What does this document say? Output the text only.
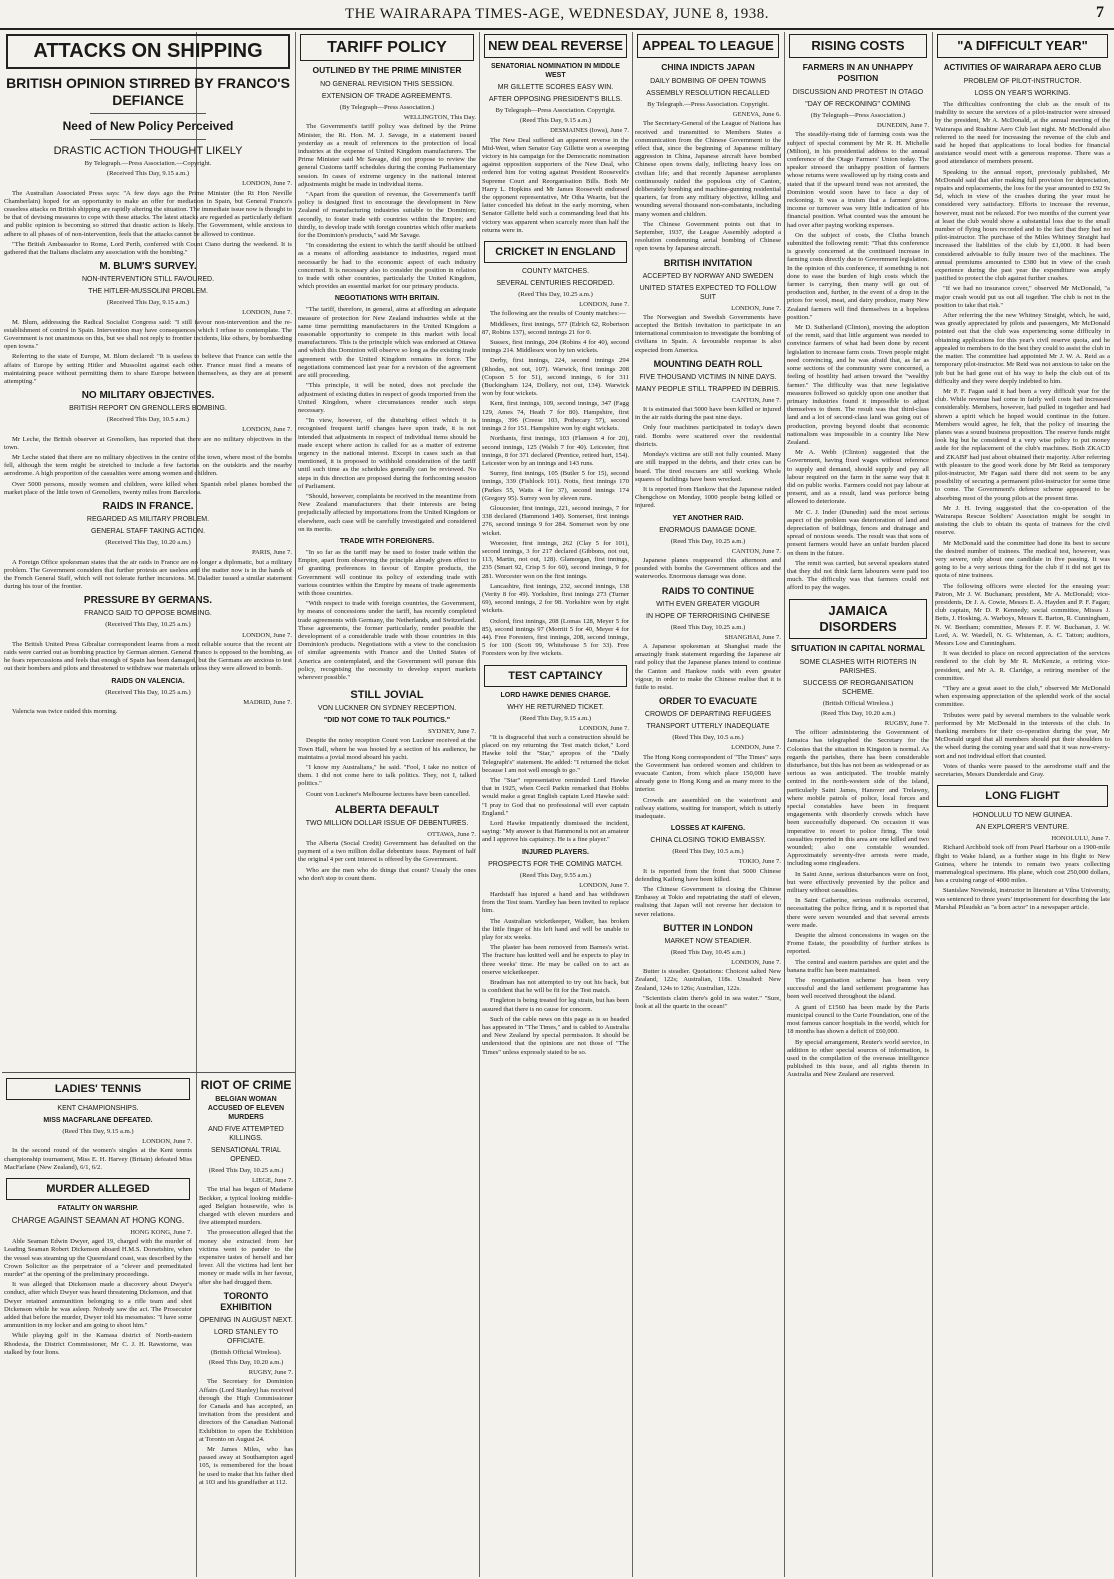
THE WAIRARAPA TIMES-AGE, WEDNESDAY, JUNE 8, 1938.	7
ATTACKS ON SHIPPING
BRITISH OPINION STIRRED BY FRANCO'S DEFIANCE
Need of New Policy Perceived
DRASTIC ACTION THOUGHT LIKELY
By Telegraph.—Press Association.—Copyright.
(Received This Day, 9.15 a.m.)
LONDON, June 7.

The Australian Associated Press says: "A few days ago the Prime Minister (the Rt Hon Neville Chamberlain) hoped for an opportunity to make an offer for mediation in Spain, but General Franco's ceaseless attacks on British shipping are rapidly altering the situation. The immediate issue now is thought to be that of devising measures to cope with these attacks. The latest attacks are regarded as particularly defiant and public opinion is becoming so stirred that drastic action is likely. The Government, while anxious to adhere to all phases of of non-intervention, feels that the attacks cannot be allowed to continue.

"The British Ambassador to Rome, Lord Perth, conferred with Count Ciano during the weekend. It is gathered that the Italians disclaim any association with the bombing."

M. BLUM'S SURVEY.
NON-INTERVENTION STILL FAVOURED.
THE HITLER-MUSSOLINI PROBLEM.
(Received This Day, 9.15 a.m.)
LONDON, June 7.

M. Blum, addressing the Radical Socialist Congress said: "I still favour non-intervention and the re-establishment of control in Spain. Intervention may have consequences which I refuse to contemplate. The Government is not unanimous on this, but we shall not reply to frontier incidents, like others, by bombarding open towns."

Referring to the state of Europe, M. Blum declared: "It is useless to believe that France can settle the affairs of Europe by setting Hitler and Mussolini against each other. France must find a means of maintaining peace without permitting them to share Europe between themselves, as they are at present attempting."

NO MILITARY OBJECTIVES.
BRITISH REPORT ON GRENOLLERS BOMBING.
(Received This Day, 10.5 a.m.)
LONDON, June 7.

Mr Leche, the British observer at Grenollers, has reported that there are no military objectives in the town.

Mr Leche stated that there are no military objectives in the centre of the town, where most of the bombs fell, although the term might be stretched to include a few factories on the outskirts and the nearby aerodrome. A high proportion of the casualties were among women and children.

Over 5000 persons, mostly women and children, were killed when Spanish rebel planes bombed the market place of the little town of Grenollers, twenty miles from Barcelona.

RAIDS IN FRANCE.
REGARDED AS MILITARY PROBLEM.
GENERAL STAFF TAKING ACTION.
(Received This Day, 10.20 a.m.)
PARIS, June 7.

A Foreign Office spokesman states that the air raids in France are no longer a diplomatic, but a military problem. The Government considers that further protests are useless and the matter now is in the hands of the French General Staff, which will not tolerate further incursions. M. Daladier issued a similar statement during his tour of the frontier.

PRESSURE BY GERMANS.
FRANCO SAID TO OPPOSE BOMBING.
(Received This Day, 10.25 a.m.)
LONDON, June 7.

The British United Press Gibraltar correspondent learns from a most reliable source that the recent air raids were carried out as bombing practice by German airmen. General Franco is opposed to the bombing, as he fears repercussions and feels that enough of Spain has been damaged, but the Germans are anxious to test out their bombers and pilots and threatened to withdraw war materials unless they were allowed to bomb.

RAIDS ON VALENCIA.
(Received This Day, 10.25 a.m.)
MADRID, June 7.

Valencia was twice raided this morning.

LADIES' TENNIS
KENT CHAMPIONSHIPS.
MISS MACFARLANE DEFEATED.
(Reed This Day, 9.15 a.m.)
LONDON, June 7.

In the second round of the women's singles at the Kent tennis championship tournament, Miss E. H. Harvey (Britain) defeated Miss MacFarlane (New Zealand), 6/1, 6/2.

MURDER ALLEGED
FATALITY ON WARSHIP.
CHARGE AGAINST SEAMAN AT HONG KONG.
HONG KONG, June 7.

Able Seaman Edwin Dwyer, aged 19, charged with the murder of Leading Seaman Robert Dickenson aboard H.M.S. Dorsetshire, when the vessel was steaming up the Queensland coast, was described by the Crown Solicitor as the perpetrator of a "clever and premeditated murder" at the opening of the preliminary proceedings.

It was alleged that Dickenson made a discovery about Dwyer's conduct, after which Dwyer was heard threatening Dickenson, and that Dwyer retained ammunition belonging to a rifle team and shot Dickenson while he was asleep. Nobody saw the act. The Prosecutor added that before the murder, Dwyer told his messmates: "I have some ammunition in my locker and am going to shoot him."

While playing golf in the Kamasa district of North-eastern Rhodesia, the District Commissioner, Mr C. J. H. Rawstorne, was stalked by four lions.

RIOT OF CRIME
BELGIAN WOMAN ACCUSED OF ELEVEN MURDERS
AND FIVE ATTEMPTED KILLINGS.
SENSATIONAL TRIAL OPENED.
(Reed This Day, 10.25 a.m.)
LIEGE, June 7.

The trial has begun of Madame Beckker, a typical looking middle-aged Belgian housewife, who is charged with eleven murders and five attempted murders.

The prosecution alleged that the money she extracted from her victims went to pander to the expensive tastes of herself and her lover. All the victims had lent her money or made wills in her favour, after she had drugged them.

TORONTO EXHIBITION
OPENING IN AUGUST NEXT.
LORD STANLEY TO OFFICIATE.
(British Official Wireless).
(Reed This Day, 10.20 a.m.)
RUGBY, June 7.

The Secretary for Dominion Affairs (Lord Stanley) has received through the High Commissioner for Canada and has accepted, an invitation from the president and directors of the Canadian National Exhibition to open the Exhibition at Toronto on August 24.

Mr James Miles, who has passed away at Southampton aged 105, is remembered for the boast he used to make that his father died at 103 and his grandfather at 112.

TARIFF POLICY
OUTLINED BY THE PRIME MINISTER
NO GENERAL REVISION THIS SESSION.
EXTENSION OF TRADE AGREEMENTS.
(By Telegraph—Press Association.)
WELLINGTON, This Day.

The Government's tariff policy was defined by the Prime Minister, the Rt. Hon. M. J. Savage, in a statement issued yesterday as a result of references to the protection of local industries at the expense of United Kingdom manufacturers. The Prime Minister said Mr Savage, did not propose to review the general Customs tariff schedules during the coming Parliamentary session. In cases of extreme urgency in the national interest adjustments might be made in individual items.

"Apart from the question of revenue, the Government's tariff policy is designed first to encourage the development in New Zealand of manufacturing industries suitable to the Dominion; secondly, to foster trade with countries within the Empire; and thirdly, to develop trade with foreign countries which offer markets for the Dominion's products," said Mr Savage.

"In considering the extent to which the tariff should be utilised as a means of affording assistance to industries, regard must necessarily be had to the economic aspect of each industry concerned. It is necessary also to consider the position in relation to trade with other countries, particularly the United Kingdom, which provides an essential market for our primary products.

NEGOTIATIONS WITH BRITAIN.

"The tariff, therefore, in general, aims at affording an adequate measure of protection for New Zealand industries while at the same time permitting manufacturers in the United Kingdom a reasonable opportunity to compete in this market with local manufacturers. This is the principle which was endorsed at Ottawa and which this Dominion will observe so long as the existing trade agreement with the United Kingdom remains in force. The negotiations commenced last year for a revision of the agreement are still proceeding.

"This principle, it will be noted, does not preclude the adjustment of existing duties in respect of goods imported from the United Kingdom, where circumstances render such steps necessary.

"In view, however, of the disturbing effect which it is recognised frequent tariff changes have upon trade, it is not intended that adjustments in respect of individual items should be made except where action is called for as a matter of extreme urgency in the national interest. Except in cases such as that mentioned, it is proposed to withhold consideration of the tariff until such time as the schedules generally can be reviewed. No steps in this direction are proposed during the forthcoming session of Parliament.

"Should, however, complaints be received in the meantime from New Zealand manufacturers that their interests are being prejudicially affected by importations from the United Kingdom or elsewhere, each case will be carefully investigated and considered on its merits.

TRADE WITH FOREIGNERS.

"In so far as the tariff may be used to foster trade within the Empire, apart from observing the principle already given effect to of granting preferences in favour of Empire products, the Government will continue its policy of extending trade with various countries within the Empire by means of trade agreements with those countries.

"With respect to trade with foreign countries, the Government, by means of concessions under the tariff, has recently completed trade agreements with Germany, the Netherlands, and Switzerland. These agreements, the former particularly, render possible the development of a considerable trade with those countries in this Dominion's products. Negotiations with a view to the conclusion of similar agreements with France and the United States of America are contemplated, and the Government will pursue this policy, recognising the necessity to develop export markets wherever possible."

STILL JOVIAL
VON LUCKNER ON SYDNEY RECEPTION.
"DID NOT COME TO TALK POLITICS."
SYDNEY, June 7.

Despite the noisy reception Count von Luckner received at the Town Hall, where he was hooted by a section of his audience, he maintains a jovial mood aboard his yacht.

"I know my Australians," he said. "Fool, I take no notice of them. I did not come here to talk politics. They, not I, talked politics."

Count von Luckner's Melbourne lectures have been cancelled.

ALBERTA DEFAULT
TWO MILLION DOLLAR ISSUE OF DEBENTURES.
OTTAWA, June 7.

The Alberta (Social Credit) Government has defaulted on the payment of a two million dollar debenture issue. Payment of half the original 4 per cent interest is offered by the Government.

Who are the men who do things that count? Usualy the ones who don't stop to count them.

NEW DEAL REVERSE
SENATORIAL NOMINATION IN MIDDLE WEST
MR GILLETTE SCORES EASY WIN.
AFTER OPPOSING PRESIDENT'S BILLS.
By Telegraph—Press Association. Copyright.
(Reed This Day, 9.15 a.m.)
DESMAINES (Iowa), June 7.

The New Deal suffered an apparent reverse in the Mid-West, when Senator Guy Gillette won a sweeping victory in his campaign for the Democratic nomination against opposition supporters of the New Deal, who ordered him for voting against President Roosevelt's Supreme Court and Reorganisation Bills. Both Mr Harry L. Hopkins and Mr James Roosevelt endorsed the opponent representative, Mr Otha Wearin, but the latter conceded his defeat in the early morning, when Senator Gillette held such a commanding lead that his victory was apparent when scarcely more than half the returns were in.

CRICKET IN ENGLAND
COUNTY MATCHES.
SEVERAL CENTURIES RECORDED.
(Reed This Day, 10.25 a.m.)
LONDON, June 7.

The following are the results of County matches:—

Middlesex, first innings, 577 (Edrich 62, Robertson 87, Robins 137), second innings 21 for 0.

Sussex, first innings, 204 (Robins 4 for 40), second innings 214. Middlesex won by ten wickets.

Derby, first innings, 224, second innings 294 (Rhodes, not out, 107). Warwick, first innings 208 (Copson 5 for 51), second innings, 6 for 311 (Buckingham 124, Dollery, not out, 134). Warwick won by four wickets.

Kent, first innings, 109, second innings, 347 (Fagg 129, Ames 74, Heath 7 for 80). Hampshire, first innings, 396 (Creese 103, Pothecary 57), second innings 2 for 151. Hampshire won by eight wickets.

Northants, first innings, 103 (Flamson 4 for 20), second innings, 125 (Walsh 7 for 40). Leicester, first innings, 8 for 371 declared (Prentice, retired hurt, 154). Leicester won by an innings and 143 runs.

Surrey, first innings, 105 (Butler 5 for 15), second innings, 339 (Fishlock 101). Notts, first innings 170 (Parkes 55, Watts 4 for 37), second innings 174 (Gregory 95). Surrey won by eleven runs.

Gloucester, first innings, 221, second innings, 7 for 338 declared (Hammond 140). Somerset, first innings 276, second innings 9 for 284. Somerset won by one wicket.

Worcester, first innings, 262 (Clay 5 for 101), second innings, 3 for 217 declared (Gibbons, not out, 113, Martin, not out, 128). Glamorgan, first innings, 235 (Smart 92, Crisp 5 for 60), second innings, 9 for 281. Worcester won on the first innings.

Lancashire, first innings, 232, second innings, 138 (Verity 8 for 49). Yorkshire, first innings 273 (Turner 69), second innings, 2 for 98. Yorkshire won by eight wickets.

Oxford, first innings, 208 (Lomas 128, Meyer 5 for 85), second innings 97 (Morritt 5 for 40, Meyer 4 for 44). Free Foresters, first innings, 208, second innings, 5 for 100 (Scott 99, Whitehouse 5 for 33). Free Foresters won by five wickets.

TEST CAPTAINCY
LORD HAWKE DENIES CHARGE.
WHY HE RETURNED TICKET.
(Reed This Day, 9.15 a.m.)
LONDON, June 7.

"It is disgraceful that such a construction should be placed on my returning the Test match ticket," Lord Hawke told the "Star," apropos of the "Daily Telegraph's" statement. He added: "I returned the ticket because I am not well enough to go."

The "Star" representative reminded Lord Hawke that in 1925, when Cecil Parkin remarked that Hobbs would make a great English captain Lord Hawke said: "I pray to God that no professional will ever captain England."

Lord Hawke impatiently dismissed the incident, saying: "My answer is that Hammond is not an amateur and I approve his captaincy. He is a fine player."

INJURED PLAYERS.
PROSPECTS FOR THE COMING MATCH.
(Reed This Day, 9.55 a.m.)
LONDON, June 7.

Hardstaff has injured a hand and has withdrawn from the Test team. Yardley has been invited to replace him.

The Australian wicketkeeper, Walker, has broken the little finger of his left hand and will be unable to play for six weeks.

The plaster has been removed from Barnes's wrist. The fracture has knitted well and he expects to play in three weeks' time. He may be called on to act as reserve wicketkeeper.

Bradman has not attempted to try out his back, but is confident that he will be fit for the Test match.

Fingleton is being treated for leg strain, but has been assured that there is no cause for concern.

Such of the cable news on this page as is so headed has appeared in "The Times," and is cabled to Australia and New Zealand by special permission. It should be understood that the opinions are not those of "The Times" unless expressly stated to be so.

APPEAL TO LEAGUE
CHINA INDICTS JAPAN
DAILY BOMBING OF OPEN TOWNS
ASSEMBLY RESOLUTION RECALLED
By Telegraph.—Press Association. Copyright.
GENEVA, June 6.

The Secretary-General of the League of Nations has received and transmitted to Members States a communication from the Chinese Government to the effect that, since the beginning of Japanese military aggression in China, Japanese aircraft have bombed Chinese open towns daily, inflicting heavy loss on civilian life; and that recently Japanese aeroplanes continuously raided the populous city of Canton, deliberately bombing and machine-gunning residential quarters, far from any military objective, killing and wounding several thousand non-combatants, including many women and children.

The Chinese Government points out that in September, 1937, the League Assembly adopted a resolution condemning aerial bombing of Chinese open towns by Japanese aircraft.

BRITISH INVITATION
ACCEPTED BY NORWAY AND SWEDEN
UNITED STATES EXPECTED TO FOLLOW SUIT
LONDON, June 7.

The Norwegian and Swedish Governments have accepted the British invitation to participate in an international commission to investigate the bombing of civilians in Spain. A favourable response is also expected from America.

MOUNTING DEATH ROLL
FIVE THOUSAND VICTIMS IN NINE DAYS.
MANY PEOPLE STILL TRAPPED IN DEBRIS.
CANTON, June 7.

It is estimated that 5000 have been killed or injured in the air raids during the past nine days.

Only four machines participated in today's dawn raid. Bombs were scattered over the residential districts.

Monday's victims are still not fully counted. Many are still trapped in the debris, and their cries can be heard. The tired rescuers are still working. Whole squares of buildings have been wrecked.

It is reported from Hankow that the Japanese raided Chengchow on Monday, 1000 people being killed or injured.

YET ANOTHER RAID.
ENORMOUS DAMAGE DONE.
(Reed This Day, 10.25 a.m.)
CANTON, June 7.

Japanese planes reappeared this afternoon and pounded with bombs the Government offices and the waterworks. Enormous damage was done.

RAIDS TO CONTINUE
WITH EVEN GREATER VIGOUR
IN HOPE OF TERRORISING CHINESE
(Reed This Day, 10.25 a.m.)
SHANGHAI, June 7.

A Japanese spokesman at Shanghai made the amazingly frank statement regarding the Japanese air raid policy that the Japanese planes intend to continue the Canton and Hankow raids with even greater vigour, in order to make the Chinese realise that it is futile to resist.

ORDER TO EVACUATE
CROWDS OF DEPARTING REFUGEES
TRANSPORT UTTERLY INADEQUATE
(Reed This Day, 10.5 a.m.)
LONDON, June 7.

The Hong Kong correspondent of "The Times" says the Government has ordered women and children to evacuate Canton, from which place 150,000 have already gone to Hong Kong and as many more to the interior.

Crowds are assembled on the waterfront and railway stations, waiting for transport, which is utterly inadequate.

LOSSES AT KAIFENG.
CHINA CLOSING TOKIO EMBASSY.
(Reed This Day, 10.5 a.m.)
TOKIO, June 7.

It is reported from the front that 5000 Chinese defending Kaifeng have been killed.

The Chinese Government is closing the Chinese Embassy at Tokio and repatriating the staff of eleven, realising that Japan will not reverse her decision to sever relations.

BUTTER IN LONDON
MARKET NOW STEADIER.
(Reed This Day, 10.45 a.m.)
LONDON, June 7.

Butter is steadier. Quotations: Choicest salted New Zealand, 122s; Australian, 118s. Unsalted: New Zealand, 124s to 126s; Australian, 122s.

"Scientists claim there's gold in sea water." "Sure, look at all the quartz in the ocean!"

RISING COSTS
FARMERS IN AN UNHAPPY POSITION
DISCUSSION AND PROTEST IN OTAGO
"DAY OF RECKONING" COMING
(By Telegraph—Press Association.)
DUNEDIN, June 7.

The steadily-rising tide of farming costs was the subject of special comment by Mr R. H. Michelle (Milton), in his presidential address to the annual conference of the Otago Farmers' Union today. The speaker stressed the unhappy position of farmers whose returns were swallowed up by rising costs and stated that if the upward trend was not arrested, the Dominion would soon have to face a day of reckoning. It was a truism that a farmers' gross income or turnover was very little indication of his financial position. What counted was the amount he had over after paying working expenses.

On the subject of costs, the Clutha branch submitted the following remit: "That this conference is gravely concerned at the continued increase in farming costs directly due to Government legislation. In the opinion of this conference, if something is not done to ease the burden of high costs which the farmer is carrying, then many will go out of production and, further, in the event of a drop in the prices for wool, meat, and dairy produce, many New Zealand farmers will find themselves in a hopeless position."

Mr D. Sutherland (Clinton), moving the adoption of the remit, said that little argument was needed to convince farmers of what had been done by recent legislation to increase farm costs. Town people might need convincing, and he was afraid that, as far as some sections of the community were concerned, a feeling of hostility had arisen toward the "wealthy farmer." The difficulty was that new legislative measures followed so quickly upon one another that primary industries found it impossible to adjust themselves to them. The result was that third-class land and a lot of second-class land was going out of production, proving beyond doubt that economic nationalism was impossible in a country like New Zealand.

Mr A. Webb (Clinton) suggested that the Government, having fixed wages without reference to supply and demand, should supply and pay all labour required on the farm in the same way that it did on public works. Farmers could not pay labour at present, and as a result, land was perforce being allowed to deteriorate.

Mr C. J. Inder (Dunedin) said the most serious aspect of the problem was deterioration of land and depreciation of buildings, fences and drainage and spread of noxious weeds. The result was that sons of present farmers would have an unfair burden placed on them in the future.

The remit was carried, but several speakers stated that they did not think farm labourers were paid too much. The difficulty was that farmers could not afford to pay the wages.

JAMAICA DISORDERS
SITUATION IN CAPITAL NORMAL
SOME CLASHES WITH RIOTERS IN PARISHES.
SUCCESS OF REORGANISATION SCHEME.
(British Official Wireless.)
(Reed This Day, 10.20 a.m.)
RUGBY, June 7.

The officer administering the Government of Jamaica has telegraphed the Secretary for the Colonies that the situation in Kingston is normal. As regards the parishes, there has been considerable disturbance, but this has not been as widespread or as serious as was anticipated. The trouble mainly centred in the north-western side of the island, particularly Saint James, Hanover and Trelawny, where mobile patrols of police, local forces and special constables have been in frequent engagements with disorderly crowds which have been successfully dispersed. On occasion it was imperative to resort to police firing. The total casualties reported in this area are one killed and two wounded; also one constable wounded. Approximately seventy-five arrests were made, including some ringleaders.

In Saint Anne, serious disturbances were on foot, but were effectively prevented by the police and military without casualties.

In Saint Catherine, serious outbreaks occurred, necessitating the police firing, and it is reported that there were seven wounded and that several arrests were made.

Despite the almost concessions in wages on the Frome Estate, the possibility of further strikes is reported.

The central and eastern parishes are quiet and the banana traffic has been maintained.

The reorganisation scheme has been very successful and the land settlement programme has been well received throughout the island.

A grant of £1560 has been made by the Paris municipal council to the Curie Foundation, one of the most famous cancer hospitals in the world, which for 18 months has shown a deficit of £60,000.

By special arrangement, Reuter's world service, in addition to other special sources of information, is used in the compilation of the overseas intelligence published in this issue, and all rights therein in Australia and New Zealand are reserved.

"A DIFFICULT YEAR"
ACTIVITIES OF WAIRARAPA AERO CLUB
PROBLEM OF PILOT-INSTRUCTOR.
LOSS ON YEAR'S WORKING.

The difficulties confronting the club as the result of its inability to secure the services of a pilot-instructor were stressed by the president, Mr A. McDonald, at the annual meeting of the Wairarapa and Ruahine Aero Club last night. Mr McDonald also referred to the need for increasing the revenue of the club and said he hoped that applications to local bodies for financial assistance would meet with a generous response. There was a good attendance of members present.

Speaking to the annual report, previously published, Mr McDonald said that after making full provision for depreciation, repairs and replacements, the loss for the year amounted to £92 9s 5d, which in view of the crashes during the year must be considered very satisfactory. Efforts to increase the revenue, however, must not be relaxed. For two months of the current year at least the club would show a substantial loss due to the small number of flying hours recorded and to the fact that they had no pilot-instructor. The purchase of the Miles Whitney Straight had increased the liabilities of the club by £1,000. It had been considered advisable to fully insure two of the machines. The annual premiums amounted to £380 but in view of the crash experience during the past year the expenditure was amply justified to protect the club against further crashes.

"If we had no insurance cover," observed Mr McDonald, "a major crash would put us out all together. The club is not in the position to take that risk."

After referring the the new Whitney Straight, which, he said, was greatly appreciated by pilots and passengers, Mr McDonald pointed out that the club was experiencing some difficulty in obtaining applications for this year's civil reserve quota, and he appealed to members to do the best they could to assist the club in the matter. The committee had appointed Mr J. W. A. Reid as a temporary pilot-instructor. Mr Reid was not anxious to take on the job but he had gone out of his way to help the club out of its difficulty and they were deeply indebted to him.

Mr P. F. Fagan said it had been a very difficult year for the club. While revenue had come in fairly well costs had increased considerably. Members, however, had pulled in together and had shown a spirit which he hoped would continue in the future. Members would agree, he felt, that the policy of insuring the planes was a sound business proposition. The reserve funds might look big but he considered it a very wise policy to put money aside for the replacement of the club's machines. Both ZKACD and ZKABF had just about obtained their majority. After referring with pleasure to the good work done by Mr Reid as temporary pilot-instructor, Mr Fagan said there did not seem to be any possibility of securing a permanent pilot-instructor for some time to come. The Government's defence scheme appeared to be absorbing most of the young pilots at the present time.

Mr J. H. Irving suggested that the co-operation of the Wairarapa Rescue Soldiers' Association might be sought in assisting the club to obtain its quota of trainees for the civil reserve.

Mr McDonald said the committee had done its best to secure the desired number of trainees. The medical test, however, was very severe, only about one candidate in five passing. It was going to be a very serious thing for the club if it did not get its quota of nine trainees.

The following officers were elected for the ensuing year: Patron, Mr J. W. Buchanan; president, Mr A. McDonald; vice-presidents, Dr J. A. Cowie, Messrs E. A. Hayden and P. F. Fagan; club captain, Mr D. P. Kennedy; social committee, Misses J. Betts, J. Hosking, A. Warboys, Messrs E. Barton, R. Cunningham, N. W. Beetham; committee, Messrs F. F. W. Buchanan, J. W. Lord, A. W. Wardell, N. G. Whiteman, A. C. Tatton; auditors, Messrs Low and Cunningham.

It was decided to place on record appreciation of the services rendered to the club by Mr R. McKenzie, a retiring vice-president, and Mr A. R. Claridge, a retiring member of the committee.

"They are a great asset to the club," observed Mr McDonald when expressing appreciation of the splendid work of the social committee.

Tributes were paid by several members to the valuable work performed by Mr McDonald in the interests of the club. In thanking members for their co-operation during the year, Mr McDonald urged that all members should put their shoulders to the wheel during the coming year and said that it was now-every-sort and not individual effort that counted.

Votes of thanks were passed to the aerodrome staff and the secretaries, Messrs Dunderdale and Gray.

LONG FLIGHT
HONOLULU TO NEW GUINEA.
AN EXPLORER'S VENTURE.
HONOLULU, June 7.

Richard Archbold took off from Pearl Harbour on a 1900-mile flight to Wake Island, as a further stage in his flight to New Guinea, where he intends to remain two years collecting mammalogical specimens. His plane, which cost 250,000 dollars, has a cruising range of 4000 miles.

Stanislaw Nowinski, instructor in literature at Vilna University, was sentenced to three years' imprisonment for describing the late Marshal Pilsudski as "a born actor" in a newspaper article.
